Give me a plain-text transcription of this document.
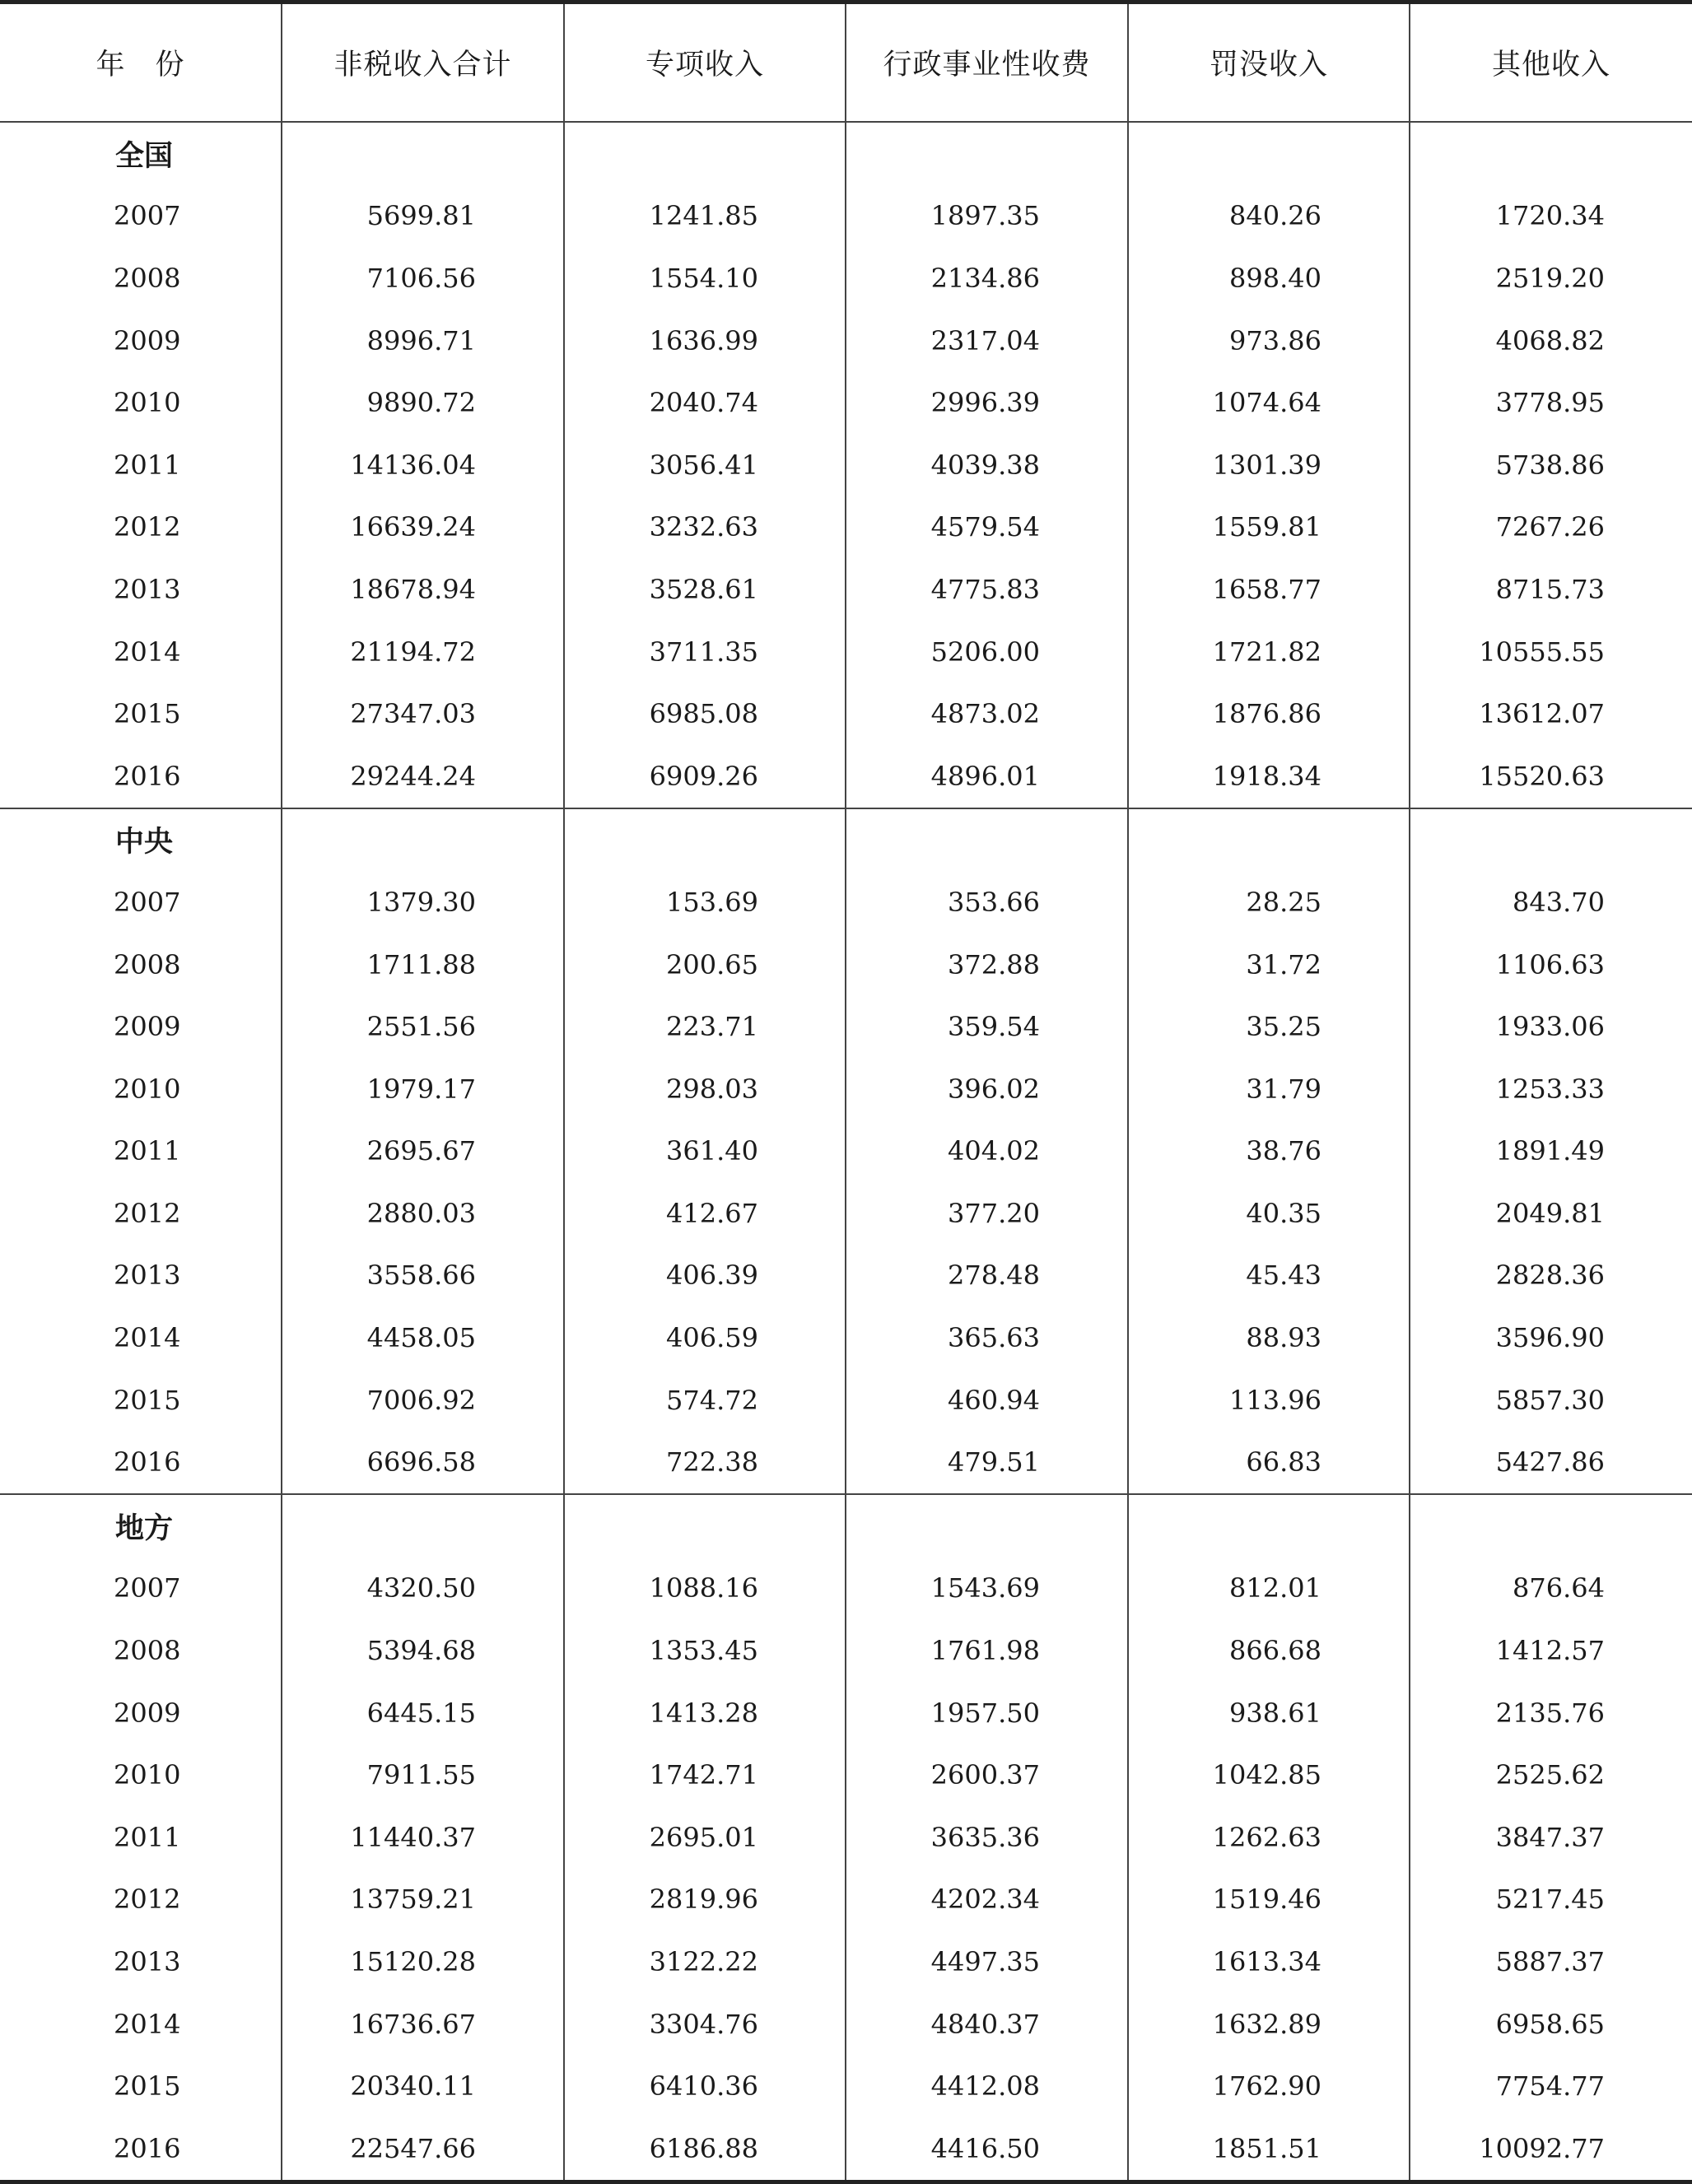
年　份	非税收入合计	专项收入	行政事业性收费	罚没收入	其他收入
全国					
2007	5699.81	1241.85	1897.35	840.26	1720.34
2008	7106.56	1554.10	2134.86	898.40	2519.20
2009	8996.71	1636.99	2317.04	973.86	4068.82
2010	9890.72	2040.74	2996.39	1074.64	3778.95
2011	14136.04	3056.41	4039.38	1301.39	5738.86
2012	16639.24	3232.63	4579.54	1559.81	7267.26
2013	18678.94	3528.61	4775.83	1658.77	8715.73
2014	21194.72	3711.35	5206.00	1721.82	10555.55
2015	27347.03	6985.08	4873.02	1876.86	13612.07
2016	29244.24	6909.26	4896.01	1918.34	15520.63
中央					
2007	1379.30	153.69	353.66	28.25	843.70
2008	1711.88	200.65	372.88	31.72	1106.63
2009	2551.56	223.71	359.54	35.25	1933.06
2010	1979.17	298.03	396.02	31.79	1253.33
2011	2695.67	361.40	404.02	38.76	1891.49
2012	2880.03	412.67	377.20	40.35	2049.81
2013	3558.66	406.39	278.48	45.43	2828.36
2014	4458.05	406.59	365.63	88.93	3596.90
2015	7006.92	574.72	460.94	113.96	5857.30
2016	6696.58	722.38	479.51	66.83	5427.86
地方					
2007	4320.50	1088.16	1543.69	812.01	876.64
2008	5394.68	1353.45	1761.98	866.68	1412.57
2009	6445.15	1413.28	1957.50	938.61	2135.76
2010	7911.55	1742.71	2600.37	1042.85	2525.62
2011	11440.37	2695.01	3635.36	1262.63	3847.37
2012	13759.21	2819.96	4202.34	1519.46	5217.45
2013	15120.28	3122.22	4497.35	1613.34	5887.37
2014	16736.67	3304.76	4840.37	1632.89	6958.65
2015	20340.11	6410.36	4412.08	1762.90	7754.77
2016	22547.66	6186.88	4416.50	1851.51	10092.77
